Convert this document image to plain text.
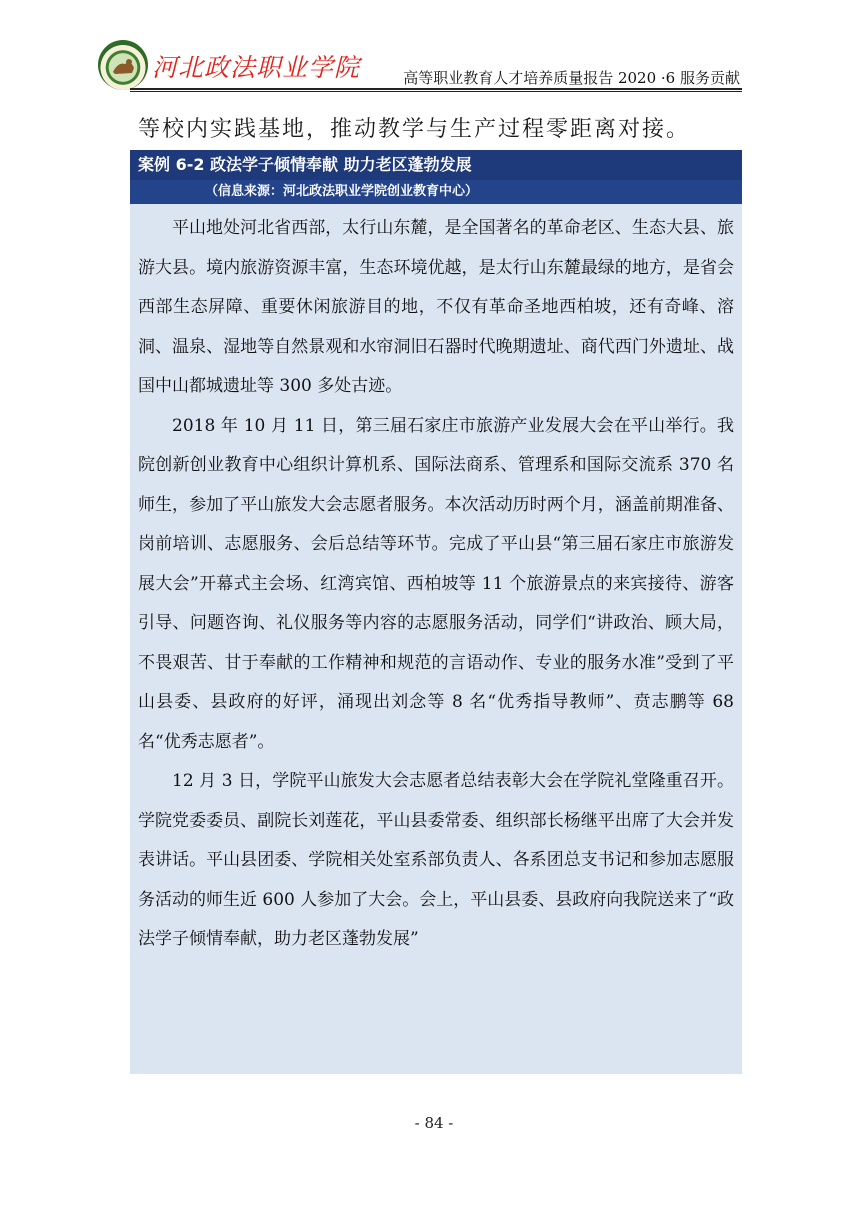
河北政法职业学院	高等职业教育人才培养质量报告 2020 ·6 服务贡献
等校内实践基地，推动教学与生产过程零距离对接。
案例 6-2 政法学子倾情奉献 助力老区蓬勃发展
（信息来源：河北政法职业学院创业教育中心）

平山地处河北省西部，太行山东麓，是全国著名的革命老区、生态大县、旅游大县。境内旅游资源丰富，生态环境优越，是太行山东麓最绿的地方，是省会西部生态屏障、重要休闲旅游目的地，不仅有革命圣地西柏坡，还有奇峰、溶洞、温泉、湿地等自然景观和水帘洞旧石器时代晚期遗址、商代西门外遗址、战国中山都城遗址等 300 多处古迹。

2018 年 10 月 11 日，第三届石家庄市旅游产业发展大会在平山举行。我院创新创业教育中心组织计算机系、国际法商系、管理系和国际交流系 370 名师生，参加了平山旅发大会志愿者服务。本次活动历时两个月，涵盖前期准备、岗前培训、志愿服务、会后总结等环节。完成了平山县“第三届石家庄市旅游发展大会”开幕式主会场、红湾宾馆、西柏坡等 11 个旅游景点的来宾接待、游客引导、问题咨询、礼仪服务等内容的志愿服务活动，同学们“讲政治、顾大局，不畏艰苦、甘于奉献的工作精神和规范的言语动作、专业的服务水准”受到了平山县委、县政府的好评，涌现出刘念等 8 名“优秀指导教师”、贲志鹏等 68 名“优秀志愿者”。

12 月 3 日，学院平山旅发大会志愿者总结表彰大会在学院礼堂隆重召开。学院党委委员、副院长刘莲花，平山县委常委、组织部长杨继平出席了大会并发表讲话。平山县团委、学院相关处室系部负责人、各系团总支书记和参加志愿服务活动的师生近 600 人参加了大会。会上，平山县委、县政府向我院送来了“政法学子倾情奉献，助力老区蓬勃发展”

- 84 -
